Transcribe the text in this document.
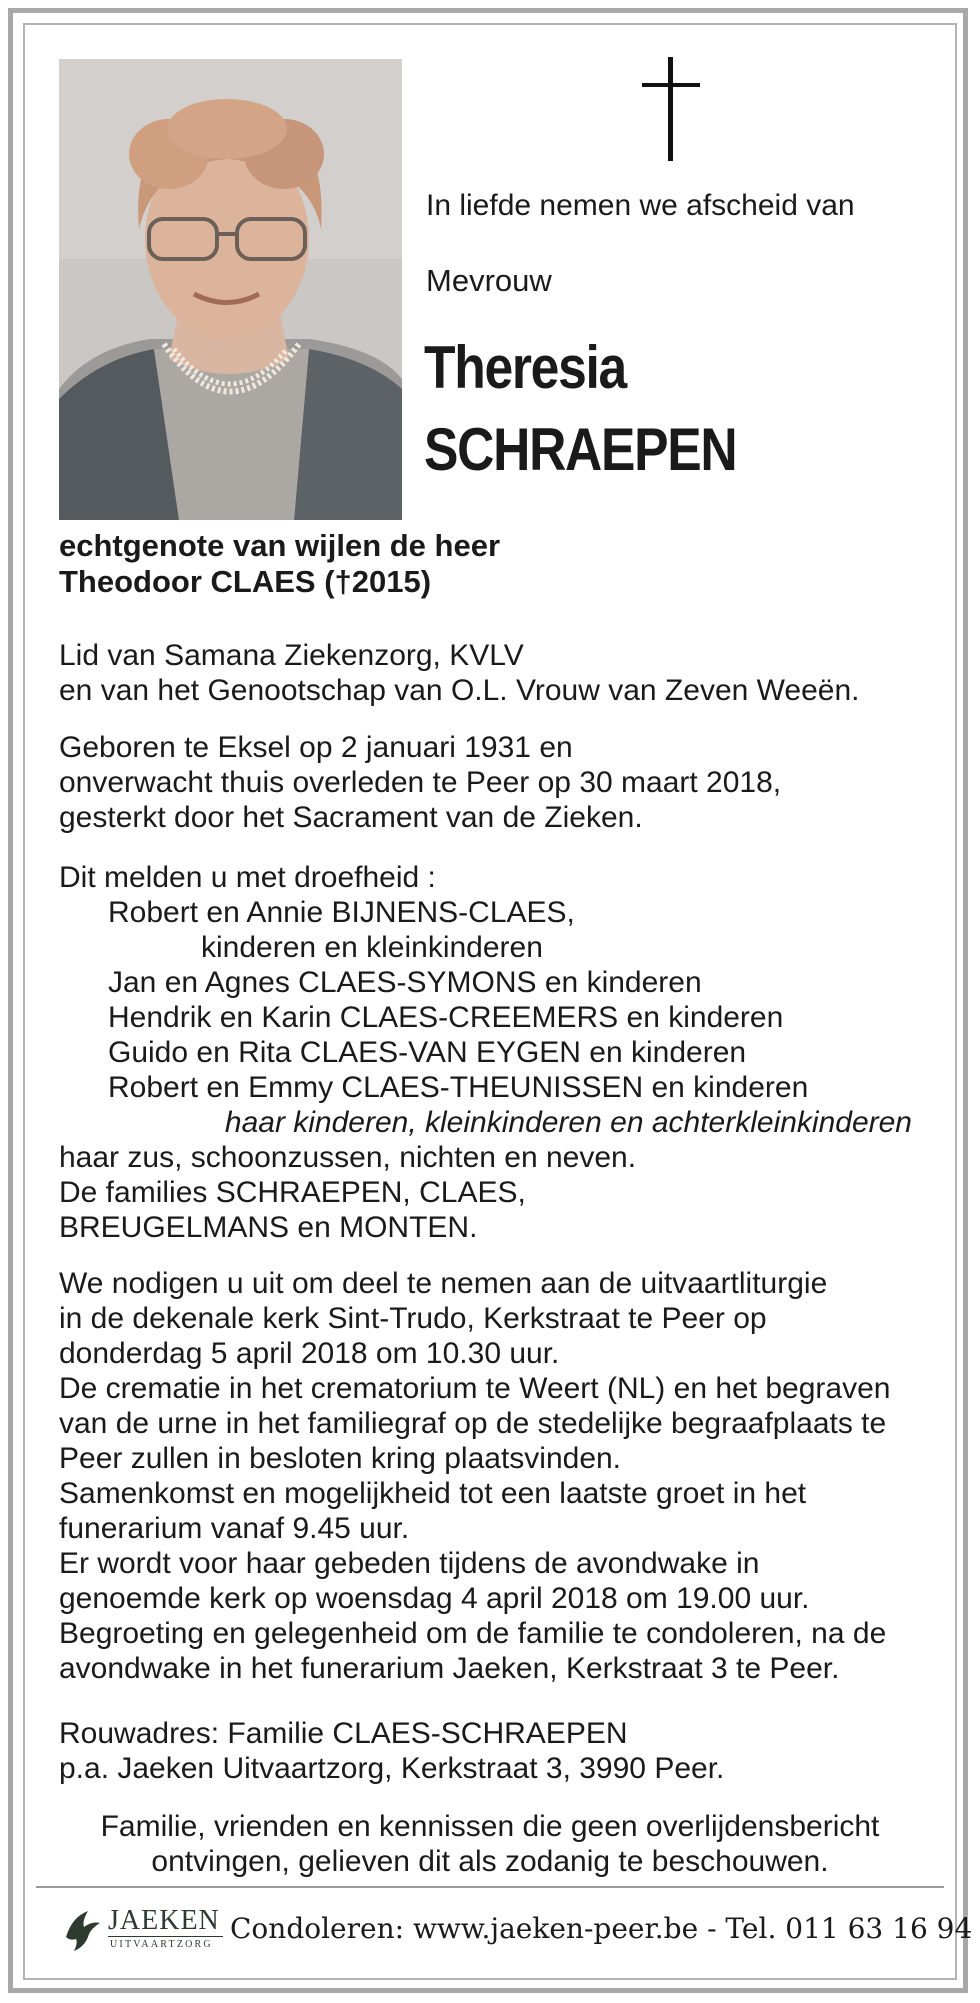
In liefde nemen we afscheid van
Mevrouw
Theresia
SCHRAEPEN
echtgenote van wijlen de heer
Theodoor CLAES (†2015)
Lid van Samana Ziekenzorg, KVLV
en van het Genootschap van O.L. Vrouw van Zeven Weeën.
Geboren te Eksel op 2 januari 1931 en
onverwacht thuis overleden te Peer op 30 maart 2018,
gesterkt door het Sacrament van de Zieken.
Dit melden u met droefheid :
Robert en Annie BIJNENS-CLAES,
kinderen en kleinkinderen
Jan en Agnes CLAES-SYMONS en kinderen
Hendrik en Karin CLAES-CREEMERS en kinderen
Guido en Rita CLAES-VAN EYGEN en kinderen
Robert en Emmy CLAES-THEUNISSEN en kinderen
haar kinderen, kleinkinderen en achterkleinkinderen
haar zus, schoonzussen, nichten en neven.
De families SCHRAEPEN, CLAES,
BREUGELMANS en MONTEN.
We nodigen u uit om deel te nemen aan de uitvaartliturgie
in de dekenale kerk Sint-Trudo, Kerkstraat te Peer op
donderdag 5 april 2018 om 10.30 uur.
De crematie in het crematorium te Weert (NL) en het begraven
van de urne in het familiegraf op de stedelijke begraafplaats te
Peer zullen in besloten kring plaatsvinden.
Samenkomst en mogelijkheid tot een laatste groet in het
funerarium vanaf 9.45 uur.
Er wordt voor haar gebeden tijdens de avondwake in
genoemde kerk op woensdag 4 april 2018 om 19.00 uur.
Begroeting en gelegenheid om de familie te condoleren, na de
avondwake in het funerarium Jaeken, Kerkstraat 3 te Peer.
Rouwadres: Familie CLAES-SCHRAEPEN
p.a. Jaeken Uitvaartzorg, Kerkstraat 3, 3990 Peer.
Familie, vrienden en kennissen die geen overlijdensbericht
ontvingen, gelieven dit als zodanig te beschouwen.
JAEKEN
UITVAARTZORG Condoleren: www.jaeken-peer.be - Tel. 011 63 16 94
